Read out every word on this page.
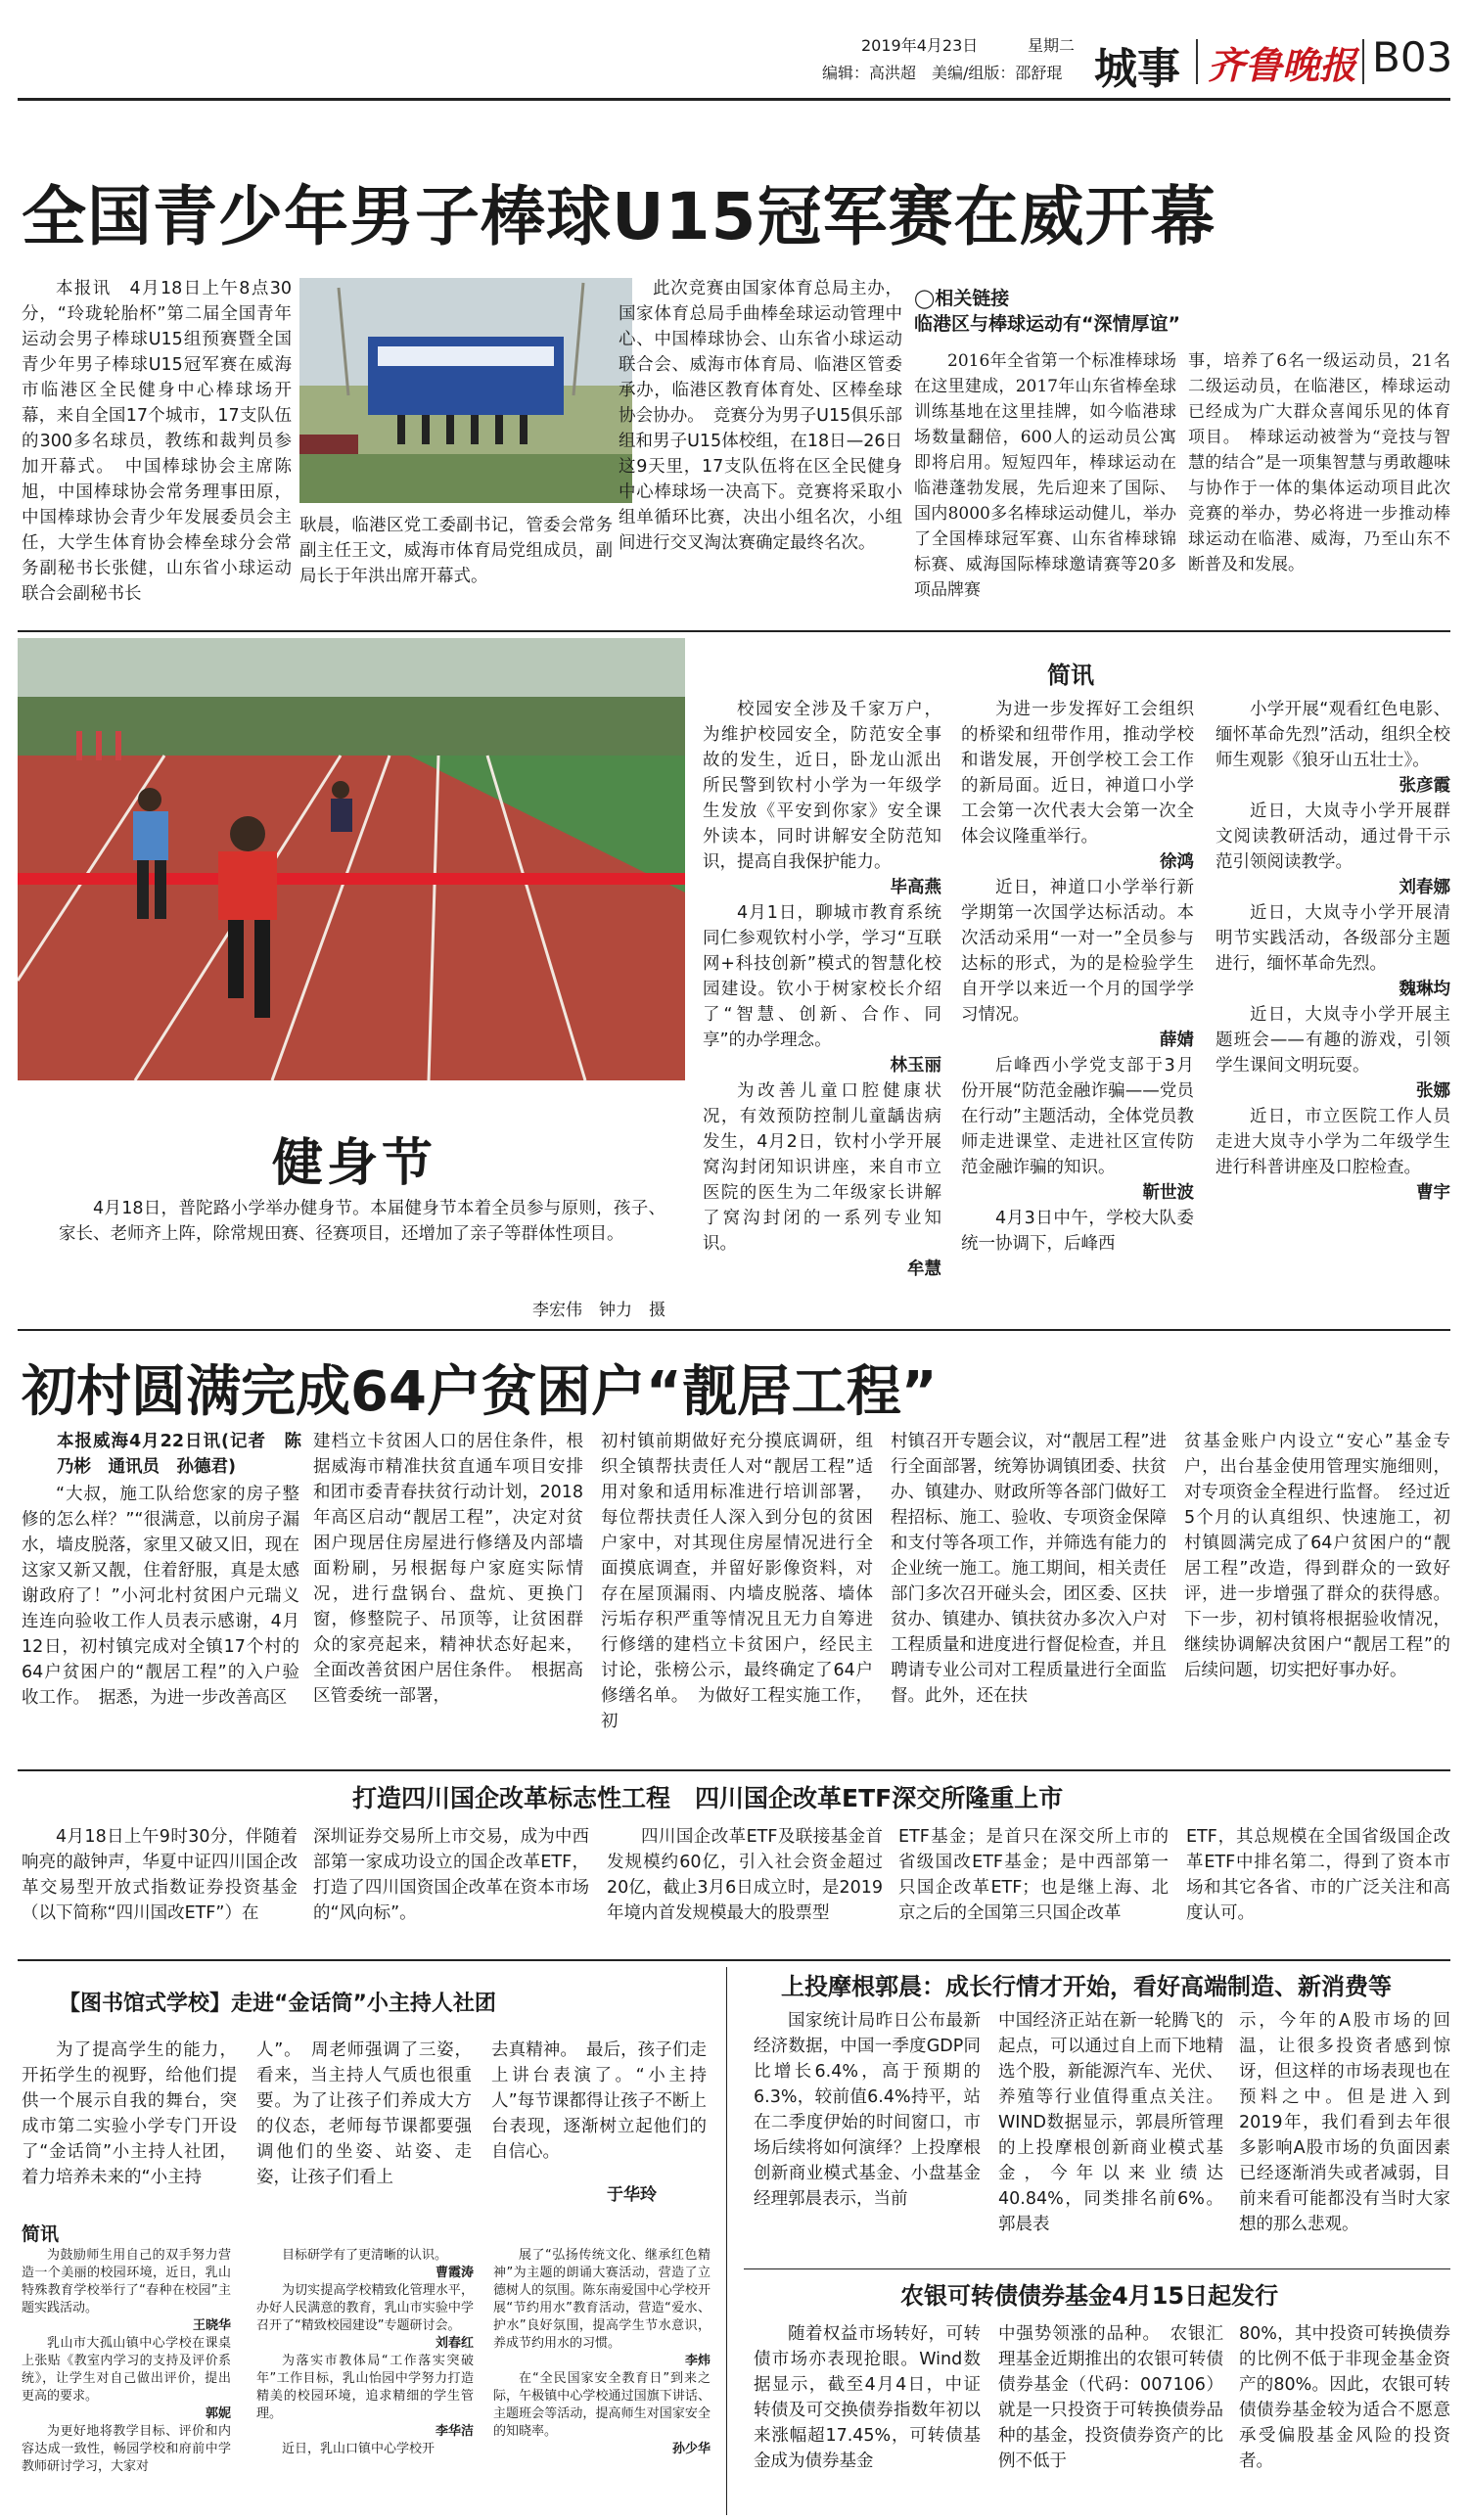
2019年4月23日	星期二
编辑：高洪超　美编/组版：邵舒琨 城事 齐鲁晚报 B03
全国青少年男子棒球U15冠军赛在威开幕
本报讯　4月18日上午8点30分，“玲珑轮胎杯”第二届全国青年运动会男子棒球U15组预赛暨全国青少年男子棒球U15冠军赛在威海市临港区全民健身中心棒球场开幕，来自全国17个城市，17支队伍的300多名球员，教练和裁判员参加开幕式。　中国棒球协会主席陈旭，中国棒球协会常务理事田原，中国棒球协会青少年发展委员会主任，大学生体育协会棒垒球分会常务副秘书长张健，山东省小球运动联合会副秘书长
耿晨，临港区党工委副书记，管委会常务副主任王文，威海市体育局党组成员，副局长于年洪出席开幕式。
此次竞赛由国家体育总局主办，国家体育总局手曲棒垒球运动管理中心、中国棒球协会、山东省小球运动联合会、威海市体育局、临港区管委承办，临港区教育体育处、区棒垒球协会协办。　竞赛分为男子U15俱乐部组和男子U15体校组，在18日—26日这9天里，17支队伍将在区全民健身中心棒球场一决高下。竞赛将采取小组单循环比赛，决出小组名次，小组间进行交叉淘汰赛确定最终名次。
◯相关链接
临港区与棒球运动有“深情厚谊”
2016年全省第一个标准棒球场在这里建成，2017年山东省棒垒球训练基地在这里挂牌，如今临港球场数量翻倍，600人的运动员公寓即将启用。短短四年，棒球运动在临港蓬勃发展，先后迎来了国际、国内8000多名棒球运动健儿，举办了全国棒球冠军赛、山东省棒球锦标赛、威海国际棒球邀请赛等20多项品牌赛
事，培养了6名一级运动员，21名二级运动员，在临港区，棒球运动已经成为广大群众喜闻乐见的体育项目。　棒球运动被誉为“竞技与智慧的结合”是一项集智慧与勇敢趣味与协作于一体的集体运动项目此次竞赛的举办，势必将进一步推动棒球运动在临港、威海，乃至山东不断普及和发展。
健身节
4月18日，普陀路小学举办健身节。本届健身节本着全员参与原则，孩子、家长、老师齐上阵，除常规田赛、径赛项目，还增加了亲子等群体性项目。
李宏伟　钟力　摄
简讯

校园安全涉及千家万户，为维护校园安全，防范安全事故的发生，近日，卧龙山派出所民警到钦村小学为一年级学生发放《平安到你家》安全课外读本，同时讲解安全防范知识，提高自我保护能力。

毕高燕

4月1日，聊城市教育系统同仁参观钦村小学，学习“互联网+科技创新”模式的智慧化校园建设。钦小于树家校长介绍了“智慧、创新、合作、同享”的办学理念。

林玉丽

为改善儿童口腔健康状况，有效预防控制儿童龋齿病发生，4月2日，钦村小学开展窝沟封闭知识讲座，来自市立医院的医生为二年级家长讲解了窝沟封闭的一系列专业知识。

牟慧

为进一步发挥好工会组织的桥梁和纽带作用，推动学校和谐发展，开创学校工会工作的新局面。近日，神道口小学工会第一次代表大会第一次全体会议隆重举行。

徐鸿

近日，神道口小学举行新学期第一次国学达标活动。本次活动采用“一对一”全员参与达标的形式，为的是检验学生自开学以来近一个月的国学学习情况。

薛婧

后峰西小学党支部于3月份开展“防范金融诈骗——党员在行动”主题活动，全体党员教师走进课堂、走进社区宣传防范金融诈骗的知识。

靳世波

4月3日中午，学校大队委统一协调下，后峰西

小学开展“观看红色电影、缅怀革命先烈”活动，组织全校师生观影《狼牙山五壮士》。

张彦霞

近日，大岚寺小学开展群文阅读教研活动，通过骨干示范引领阅读教学。

刘春娜

近日，大岚寺小学开展清明节实践活动，各级部分主题进行，缅怀革命先烈。

魏琳均

近日，大岚寺小学开展主题班会——有趣的游戏，引领学生课间文明玩耍。

张娜

近日，市立医院工作人员走进大岚寺小学为二年级学生进行科普讲座及口腔检查。

曹宇
初村圆满完成64户贫困户“靓居工程”
本报威海4月22日讯(记者　陈乃彬　通讯员　孙德君)
“大叔，施工队给您家的房子整修的怎么样？”“很满意，以前房子漏水，墙皮脱落，家里又破又旧，现在这家又新又靓，住着舒服，真是太感谢政府了！”小河北村贫困户元瑞义连连向验收工作人员表示感谢，4月12日，初村镇完成对全镇17个村的64户贫困户的“靓居工程”的入户验收工作。　据悉，为进一步改善高区
建档立卡贫困人口的居住条件，根据威海市精准扶贫直通车项目安排和团市委青春扶贫行动计划，2018年高区启动“靓居工程”，决定对贫困户现居住房屋进行修缮及内部墙面粉刷，另根据每户家庭实际情况，进行盘锅台、盘炕、更换门窗，修整院子、吊顶等，让贫困群众的家亮起来，精神状态好起来，全面改善贫困户居住条件。　根据高区管委统一部署，
初村镇前期做好充分摸底调研，组织全镇帮扶责任人对“靓居工程”适用对象和适用标准进行培训部署，每位帮扶责任人深入到分包的贫困户家中，对其现住房屋情况进行全面摸底调查，并留好影像资料，对存在屋顶漏雨、内墙皮脱落、墙体污垢存积严重等情况且无力自筹进行修缮的建档立卡贫困户，经民主讨论，张榜公示，最终确定了64户修缮名单。　为做好工程实施工作，初
村镇召开专题会议，对“靓居工程”进行全面部署，统筹协调镇团委、扶贫办、镇建办、财政所等各部门做好工程招标、施工、验收、专项资金保障和支付等各项工作，并筛选有能力的企业统一施工。施工期间，相关责任部门多次召开碰头会，团区委、区扶贫办、镇建办、镇扶贫办多次入户对工程质量和进度进行督促检查，并且聘请专业公司对工程质量进行全面监督。此外，还在扶
贫基金账户内设立“安心”基金专户，出台基金使用管理实施细则，对专项资金全程进行监督。　经过近5个月的认真组织、快速施工，初村镇圆满完成了64户贫困户的“靓居工程”改造，得到群众的一致好评，进一步增强了群众的获得感。下一步，初村镇将根据验收情况，继续协调解决贫困户“靓居工程”的后续问题，切实把好事办好。
打造四川国企改革标志性工程　四川国企改革ETF深交所隆重上市
4月18日上午9时30分，伴随着响亮的敲钟声，华夏中证四川国企改革交易型开放式指数证券投资基金（以下简称“四川国改ETF”）在
深圳证券交易所上市交易，成为中西部第一家成功设立的国企改革ETF，打造了四川国资国企改革在资本市场的“风向标”。
四川国企改革ETF及联接基金首发规模约60亿，引入社会资金超过20亿，截止3月6日成立时，是2019年境内首发规模最大的股票型
ETF基金；是首只在深交所上市的省级国改ETF基金；是中西部第一只国企改革ETF；也是继上海、北京之后的全国第三只国企改革
ETF，其总规模在全国省级国企改革ETF中排名第二，得到了资本市场和其它各省、市的广泛关注和高度认可。
【图书馆式学校】走进“金话筒”小主持人社团
为了提高学生的能力，开拓学生的视野，给他们提供一个展示自我的舞台，突成市第二实验小学专门开设了“金话筒”小主持人社团，着力培养未来的“小主持
人”。　周老师强调了三姿，看来，当主持人气质也很重要。为了让孩子们养成大方的仪态，老师每节课都要强调他们的坐姿、站姿、走姿，让孩子们看上
去真精神。　最后，孩子们走上讲台表演了。“小主持人”每节课都得让孩子不断上台表现，逐渐树立起他们的自信心。
于华玲
简讯

为鼓励师生用自己的双手努力营造一个美丽的校园环境，近日，乳山特殊教育学校举行了“春种在校园”主题实践活动。

王晓华

乳山市大孤山镇中心学校在课桌上张贴《教室内学习的支持及评价系统》，让学生对自己做出评价，提出更高的要求。

郭妮

为更好地将教学目标、评价和内容达成一致性，畅园学校和府前中学教师研讨学习，大家对

目标研学有了更清晰的认识。

曹霞涛

为切实提高学校精致化管理水平，办好人民满意的教育，乳山市实验中学召开了“精致校园建设”专题研讨会。

刘春红

为落实市教体局“工作落实突破年”工作目标，乳山怡园中学努力打造精美的校园环境，追求精细的学生管理。

李华洁

近日，乳山口镇中心学校开

展了“弘扬传统文化、继承红色精神”为主题的朗诵大赛活动，营造了立德树人的氛围。陈东南爱国中心学校开展“节约用水”教育活动，营造“爱水、护水”良好氛围，提高学生节水意识，养成节约用水的习惯。

李炜

在“全民国家安全教育日”到来之际，午极镇中心学校通过国旗下讲话、主题班会等活动，提高师生对国家安全的知晓率。

孙少华
上投摩根郭晨：成长行情才开始，看好高端制造、新消费等
国家统计局昨日公布最新经济数据，中国一季度GDP同比增长6.4%，高于预期的6.3%，较前值6.4%持平，站在二季度伊始的时间窗口，市场后续将如何演绎？上投摩根创新商业模式基金、小盘基金经理郭晨表示，当前
中国经济正站在新一轮腾飞的起点，可以通过自上而下地精选个股，新能源汽车、光伏、养殖等行业值得重点关注。WIND数据显示，郭晨所管理的上投摩根创新商业模式基金，今年以来业绩达40.84%，同类排名前6%。郭晨表
示，今年的A股市场的回温，让很多投资者感到惊讶，但这样的市场表现也在预料之中。但是进入到2019年，我们看到去年很多影响A股市场的负面因素已经逐渐消失或者减弱，目前来看可能都没有当时大家想的那么悲观。
农银可转债债券基金4月15日起发行
随着权益市场转好，可转债市场亦表现抢眼。Wind数据显示，截至4月4日，中证转债及可交换债券指数年初以来涨幅超17.45%，可转债基金成为债券基金
中强势领涨的品种。　农银汇理基金近期推出的农银可转债债券基金（代码：007106）就是一只投资于可转换债券品种的基金，投资债券资产的比例不低于
80%，其中投资可转换债券的比例不低于非现金基金资产的80%。因此，农银可转债债券基金较为适合不愿意承受偏股基金风险的投资者。
